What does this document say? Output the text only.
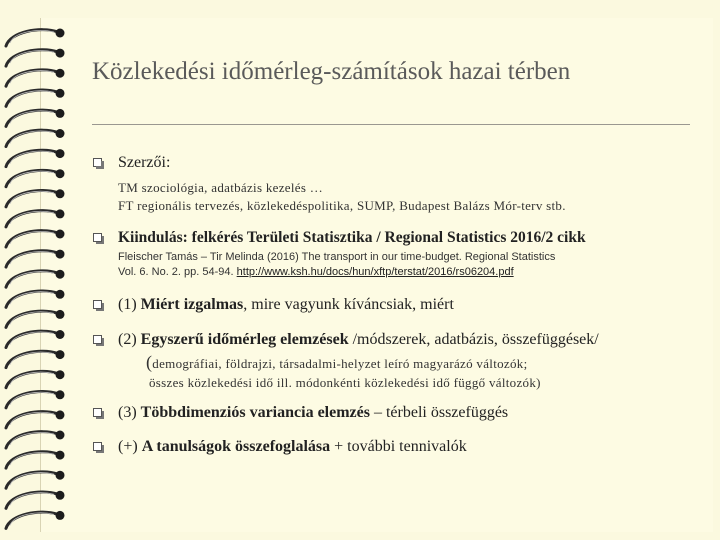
Közlekedési időmérleg-számítások hazai térben
Szerzői:
TM szociológia, adatbázis kezelés …
FT regionális tervezés, közlekedéspolitika, SUMP, Budapest Balázs Mór-terv stb.
Kiindulás: felkérés Területi Statisztika / Regional Statistics 2016/2 cikk
Fleischer Tamás – Tir Melinda (2016) The transport in our time-budget. Regional Statistics
Vol. 6. No. 2. pp. 54-94. http://www.ksh.hu/docs/hun/xftp/terstat/2016/rs06204.pdf
(1) Miért izgalmas, mire vagyunk kíváncsiak, miért
(2) Egyszerű időmérleg elemzések /módszerek, adatbázis, összefüggések/
(demográfiai, földrajzi, társadalmi-helyzet leíró magyarázó változók;
összes közlekedési idő ill. módonkénti közlekedési idő függő változók)
(3) Többdimenziós variancia elemzés – térbeli összefüggés
(+) A tanulságok összefoglalása + további tennivalók
